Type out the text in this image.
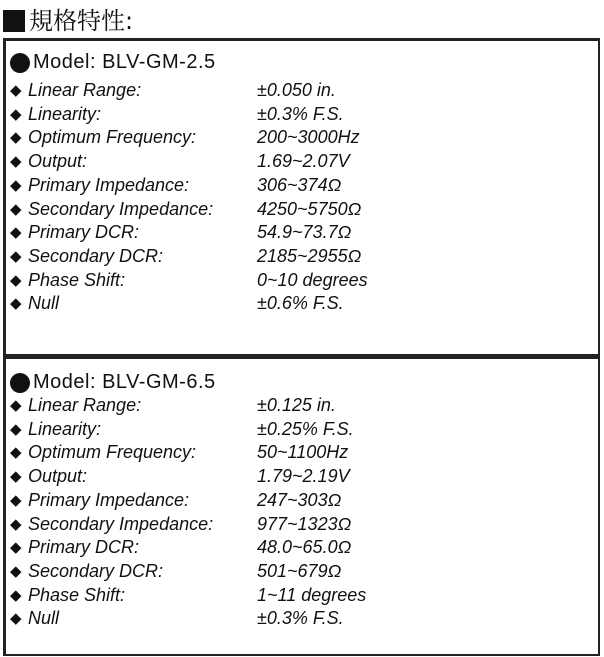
規格特性:
Model: BLV-GM-2.5
◆ Linear Range:	±0.050 in.
◆ Linearity:	±0.3% F.S.
◆ Optimum Frequency:	200~3000Hz
◆ Output:	1.69~2.07V
◆ Primary Impedance:	306~374Ω
◆ Secondary Impedance: 4250~5750Ω
◆ Primary DCR:	54.9~73.7Ω
◆ Secondary DCR:	2185~2955Ω
◆ Phase Shift:	0~10 degrees
◆ Null	±0.6% F.S.
Model: BLV-GM-6.5
◆ Linear Range:	±0.125 in.
◆ Linearity:	±0.25% F.S.
◆ Optimum Frequency:	50~1100Hz
◆ Output:	1.79~2.19V
◆ Primary Impedance:	247~303Ω
◆ Secondary Impedance: 977~1323Ω
◆ Primary DCR:	48.0~65.0Ω
◆ Secondary DCR:	501~679Ω
◆ Phase Shift:	1~11 degrees
◆ Null	±0.3% F.S.
